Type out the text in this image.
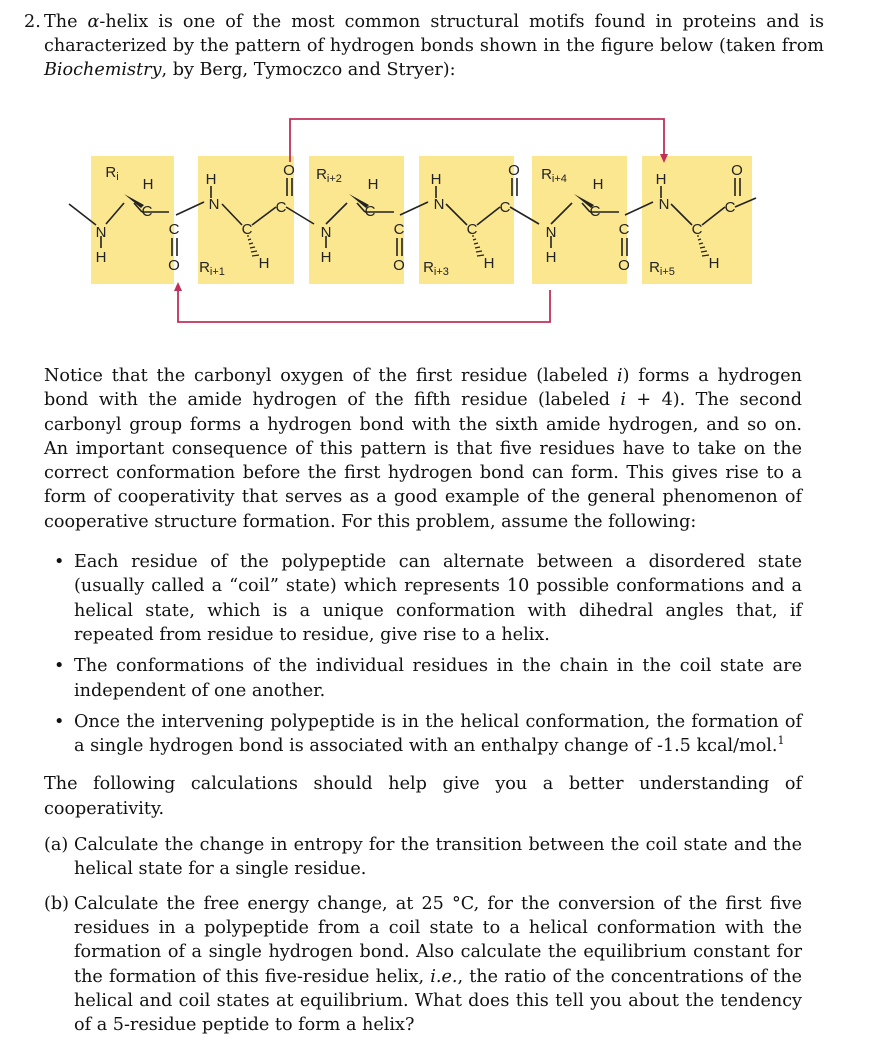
2. The α-helix is one of the most common structural motifs found in proteins and is characterized by the pattern of hydrogen bonds shown in the figure below (taken from Biochemistry, by Berg, Tymoczco and Stryer):
N
H
$R_i$ H
C
C
O $R_{i+1}$
H
N
C
H
C
O $R_{i+2}$
N
H
H
C
C
O $R_{i+3}$
H
N
C
H
C
O $R_{i+4}$
N
H
H
C
C
O $R_{i+5}$
H
N
C
H
C
O

Notice that the carbonyl oxygen of the first residue (labeled i) forms a hydrogen bond with the amide hydrogen of the fifth residue (labeled i + 4). The second carbonyl group forms a hydrogen bond with the sixth amide hydrogen, and so on. An important consequence of this pattern is that five residues have to take on the correct conformation before the first hydrogen bond can form. This gives rise to a form of cooperativity that serves as a good example of the general phenomenon of cooperative structure formation. For this problem, assume the following:

• Each residue of the polypeptide can alternate between a disordered state (usually called a “coil” state) which represents 10 possible conformations and a helical state, which is a unique conformation with dihedral angles that, if repeated from residue to residue, give rise to a helix.
• The conformations of the individual residues in the chain in the coil state are independent of one another.
• Once the intervening polypeptide is in the helical conformation, the formation of a single hydrogen bond is associated with an enthalpy change of -1.5 kcal/mol.$^1$

The following calculations should help give you a better understanding of cooperativity.

(a) Calculate the change in entropy for the transition between the coil state and the helical state for a single residue.
(b) Calculate the free energy change, at 25 °C, for the conversion of the first five residues in a polypeptide from a coil state to a helical conformation with the formation of a single hydrogen bond. Also calculate the equilibrium constant for the formation of this five-residue helix, i.e., the ratio of the concentrations of the helical and coil states at equilibrium. What does this tell you about the tendency of a 5-residue peptide to form a helix?
